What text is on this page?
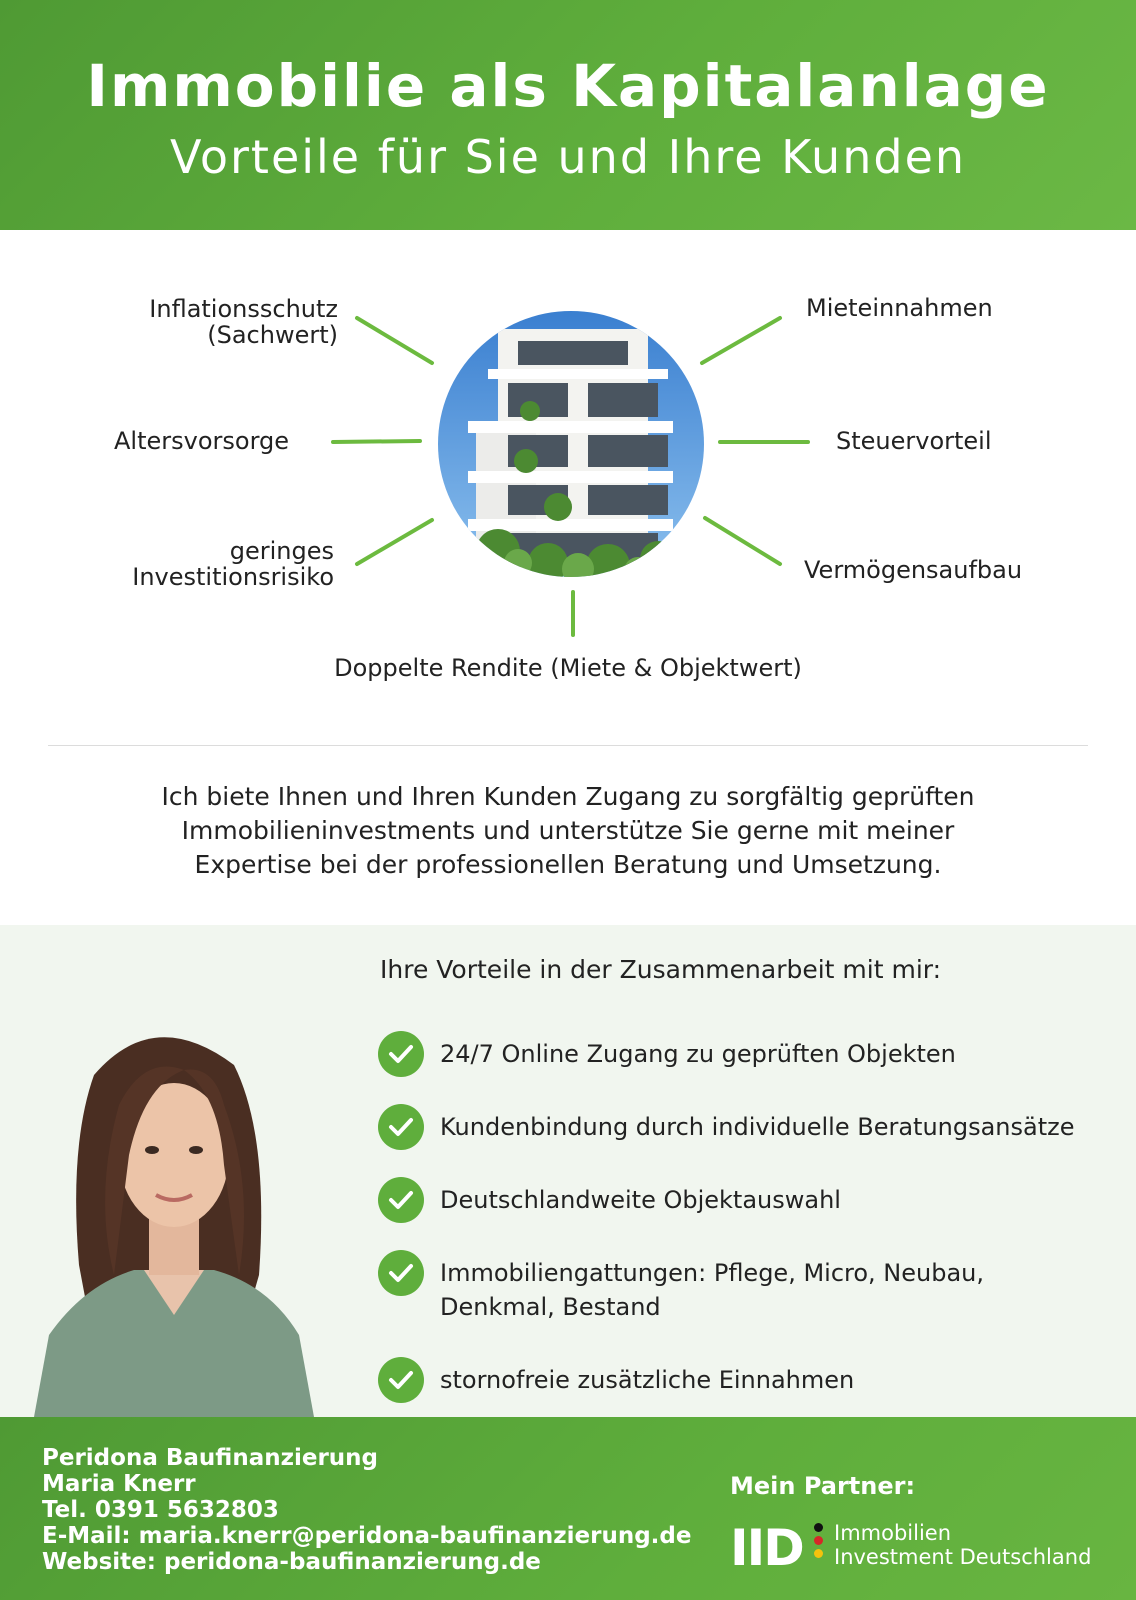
Immobilie als Kapitalanlage
Vorteile für Sie und Ihre Kunden
Inflationsschutz
(Sachwert)
Altersvorsorge
geringes
Investitionsrisiko
Mieteinnahmen
Steuervorteil
Vermögensaufbau
Doppelte Rendite (Miete & Objektwert)
Ich biete Ihnen und Ihren Kunden Zugang zu sorgfältig geprüften
Immobilieninvestments und unterstütze Sie gerne mit meiner
Expertise bei der professionellen Beratung und Umsetzung.
Ihre Vorteile in der Zusammenarbeit mit mir:
24/7 Online Zugang zu geprüften Objekten
Kundenbindung durch individuelle Beratungsansätze
Deutschlandweite Objektauswahl
Immobiliengattungen: Pflege, Micro, Neubau,
Denkmal, Bestand
stornofreie zusätzliche Einnahmen
Peridona Baufinanzierung
Maria Knerr
Tel. 0391 5632803
E-Mail: maria.knerr@peridona-baufinanzierung.de
Website: peridona-baufinanzierung.de
Mein Partner:
IID Immobilien
Investment Deutschland
